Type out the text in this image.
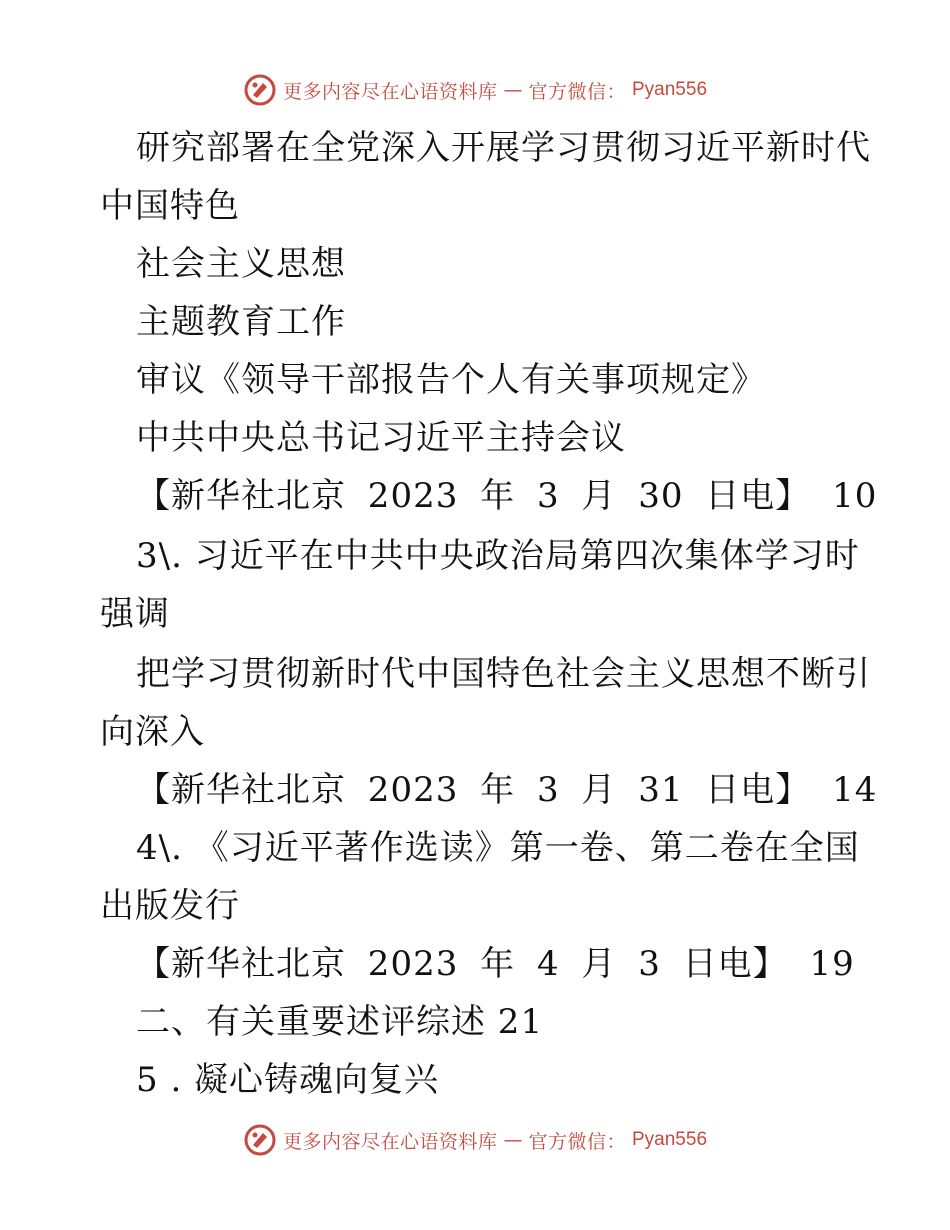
更多内容尽在心语资料库 — 官方微信： Pyan556
研究部署在全党深入开展学习贯彻习近平新时代
中国特色
社会主义思想
主题教育工作
审议《领导干部报告个人有关事项规定》
中共中央总书记习近平主持会议
【新华社北京 2023 年 3 月 30 日电】 10
3\. 习近平在中共中央政治局第四次集体学习时
强调
把学习贯彻新时代中国特色社会主义思想不断引
向深入
【新华社北京 2023 年 3 月 31 日电】 14
4\. 《习近平著作选读》第一卷、第二卷在全国
出版发行
【新华社北京 2023 年 4 月 3 日电】 19
二、有关重要述评综述 21
5 . 凝心铸魂向复兴
更多内容尽在心语资料库 — 官方微信： Pyan556
